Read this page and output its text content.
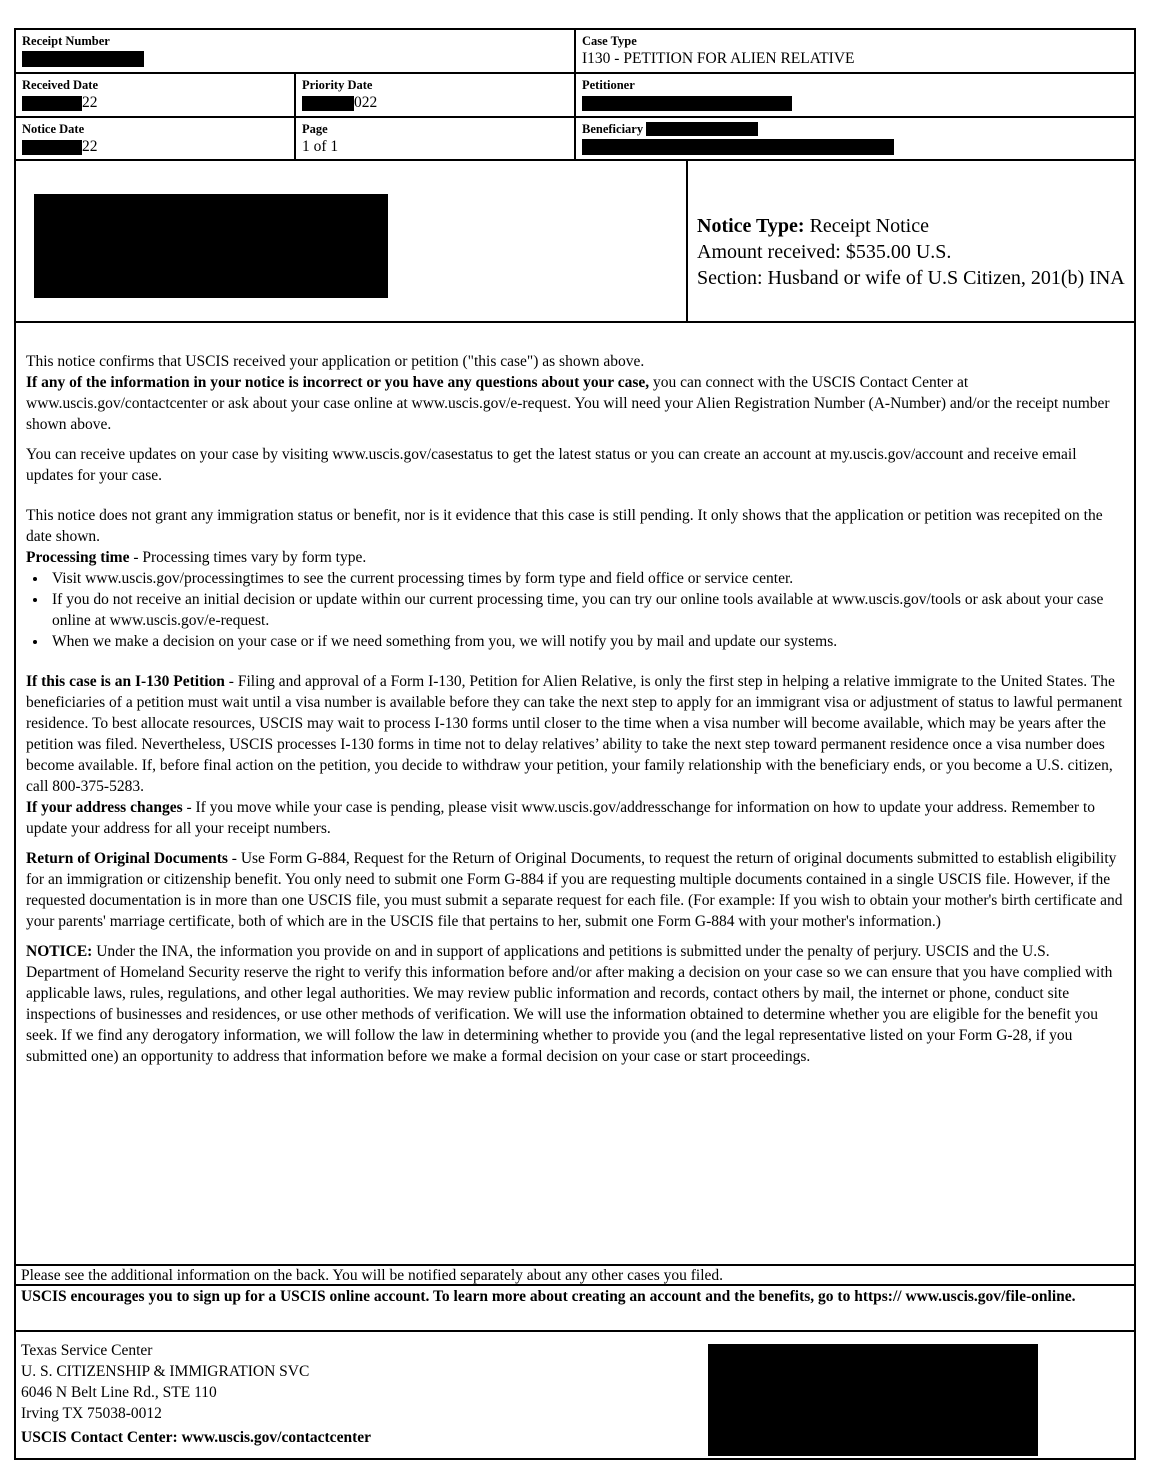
Receipt Number	Case Type
I130 - PETITION FOR ALIEN RELATIVE
Received Date
22
Priority Date
022
Petitioner
Notice Date
22
Page
1 of 1
Beneficiary
Notice Type: Receipt Notice
Amount received: $535.00 U.S.
Section: Husband or wife of U.S Citizen, 201(b) INA

This notice confirms that USCIS received your application or petition ("this case") as shown above.

If any of the information in your notice is incorrect or you have any questions about your case, you can connect with the USCIS Contact Center at www.uscis.gov/contactcenter or ask about your case online at www.uscis.gov/e-request. You will need your Alien Registration Number (A-Number) and/or the receipt number shown above.

You can receive updates on your case by visiting www.uscis.gov/casestatus to get the latest status or you can create an account at my.uscis.gov/account and receive email updates for your case.

This notice does not grant any immigration status or benefit, nor is it evidence that this case is still pending. It only shows that the application or petition was recepited on the date shown.

Processing time - Processing times vary by form type.

• Visit www.uscis.gov/processingtimes to see the current processing times by form type and field office or service center.
• If you do not receive an initial decision or update within our current processing time, you can try our online tools available at www.uscis.gov/tools or ask about your case online at www.uscis.gov/e-request.
• When we make a decision on your case or if we need something from you, we will notify you by mail and update our systems.

If this case is an I-130 Petition - Filing and approval of a Form I-130, Petition for Alien Relative, is only the first step in helping a relative immigrate to the United States. The beneficiaries of a petition must wait until a visa number is available before they can take the next step to apply for an immigrant visa or adjustment of status to lawful permanent residence. To best allocate resources, USCIS may wait to process I-130 forms until closer to the time when a visa number will become available, which may be years after the petition was filed. Nevertheless, USCIS processes I-130 forms in time not to delay relatives’ ability to take the next step toward permanent residence once a visa number does become available. If, before final action on the petition, you decide to withdraw your petition, your family relationship with the beneficiary ends, or you become a U.S. citizen, call 800-375-5283.

If your address changes - If you move while your case is pending, please visit www.uscis.gov/addresschange for information on how to update your address. Remember to update your address for all your receipt numbers.

Return of Original Documents - Use Form G-884, Request for the Return of Original Documents, to request the return of original documents submitted to establish eligibility for an immigration or citizenship benefit. You only need to submit one Form G-884 if you are requesting multiple documents contained in a single USCIS file. However, if the requested documentation is in more than one USCIS file, you must submit a separate request for each file. (For example: If you wish to obtain your mother's birth certificate and your parents' marriage certificate, both of which are in the USCIS file that pertains to her, submit one Form G-884 with your mother's information.)

NOTICE: Under the INA, the information you provide on and in support of applications and petitions is submitted under the penalty of perjury. USCIS and the U.S. Department of Homeland Security reserve the right to verify this information before and/or after making a decision on your case so we can ensure that you have complied with applicable laws, rules, regulations, and other legal authorities. We may review public information and records, contact others by mail, the internet or phone, conduct site inspections of businesses and residences, or use other methods of verification. We will use the information obtained to determine whether you are eligible for the benefit you seek. If we find any derogatory information, we will follow the law in determining whether to provide you (and the legal representative listed on your Form G-28, if you submitted one) an opportunity to address that information before we make a formal decision on your case or start proceedings.

Please see the additional information on the back. You will be notified separately about any other cases you filed.
USCIS encourages you to sign up for a USCIS online account. To learn more about creating an account and the benefits, go to https:// www.uscis.gov/file-online.
Texas Service Center
U. S. CITIZENSHIP & IMMIGRATION SVC
6046 N Belt Line Rd., STE 110
Irving TX 75038-0012
USCIS Contact Center: www.uscis.gov/contactcenter
